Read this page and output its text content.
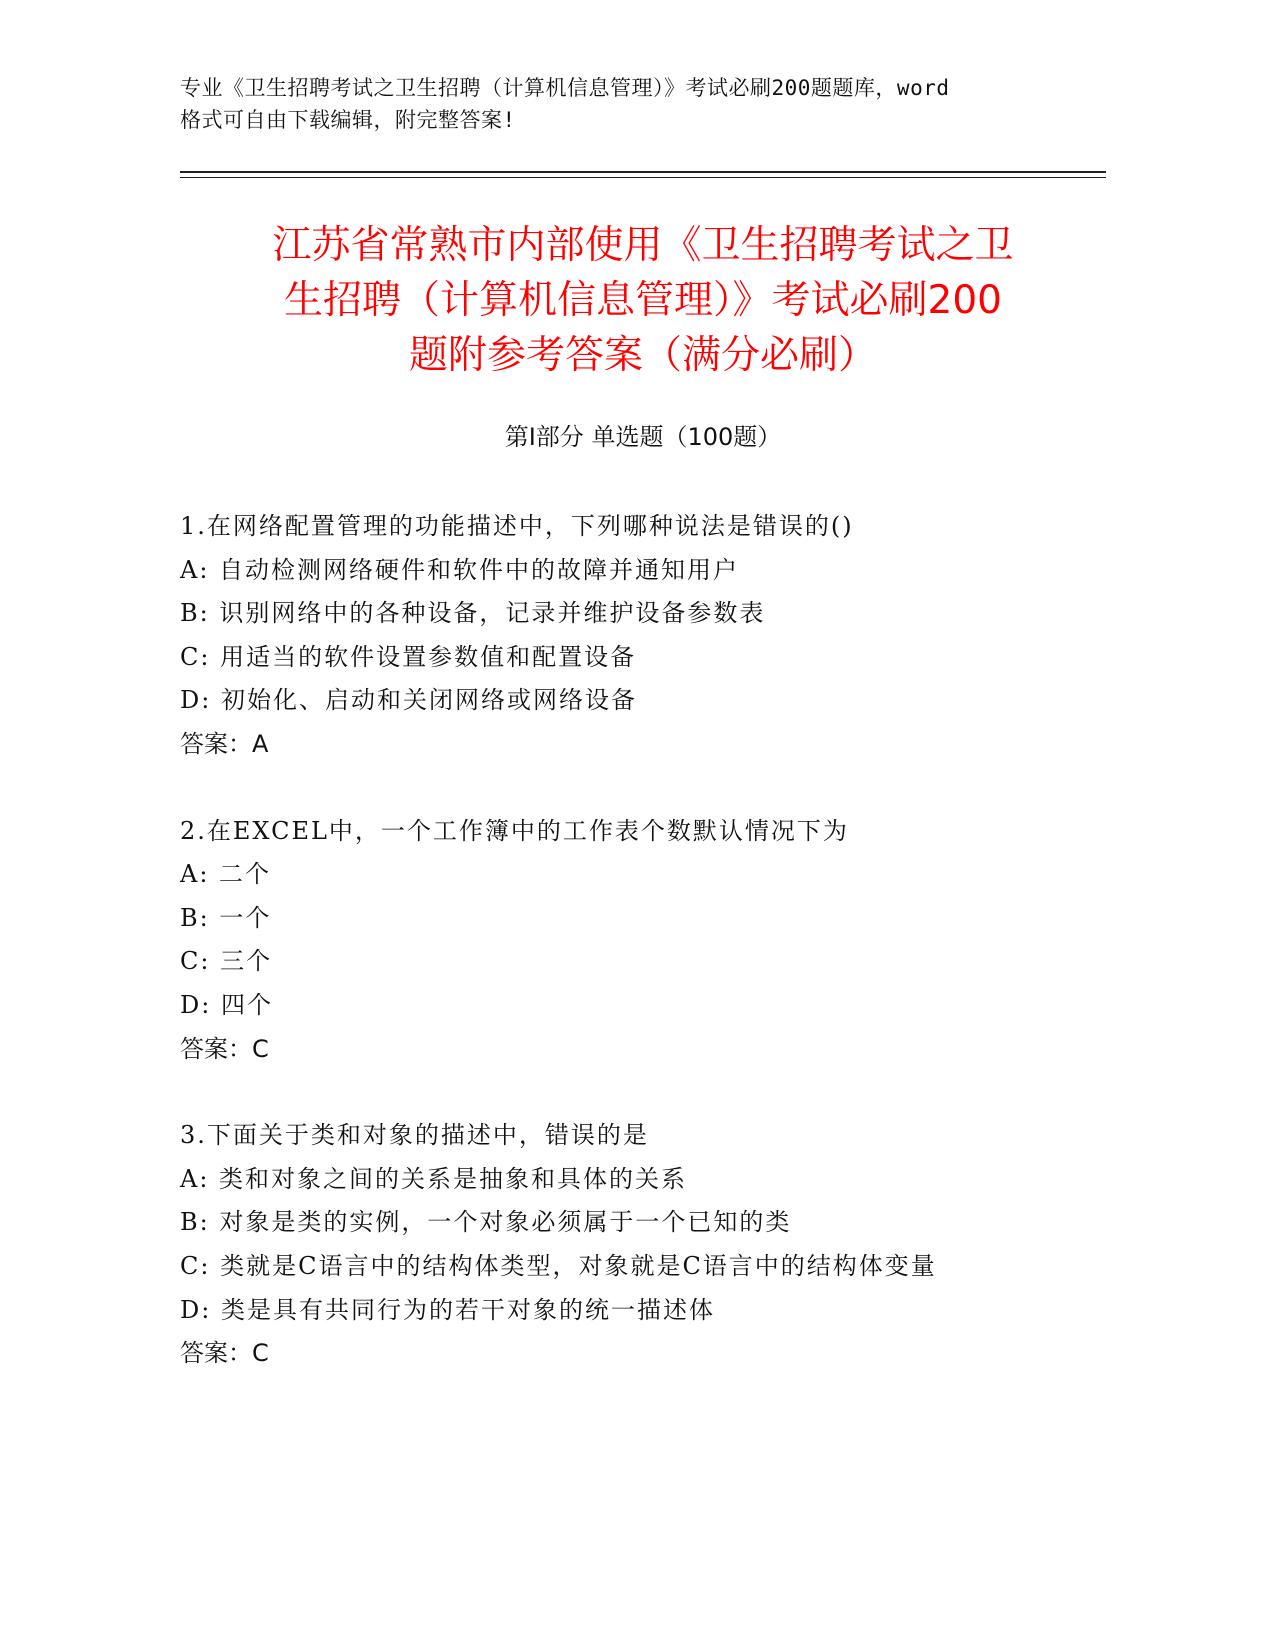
专业《卫生招聘考试之卫生招聘（计算机信息管理）》考试必刷200题题库，word
格式可自由下载编辑，附完整答案!
江苏省常熟市内部使用《卫生招聘考试之卫
生招聘（计算机信息管理）》考试必刷200
题附参考答案（满分必刷）
第I部分 单选题（100题）
1.在网络配置管理的功能描述中，下列哪种说法是错误的()
A: 自动检测网络硬件和软件中的故障并通知用户
B: 识别网络中的各种设备，记录并维护设备参数表
C: 用适当的软件设置参数值和配置设备
D: 初始化、启动和关闭网络或网络设备
答案：A
2.在EXCEL中，一个工作簿中的工作表个数默认情况下为
A: 二个
B: 一个
C: 三个
D: 四个
答案：C
3.下面关于类和对象的描述中，错误的是
A: 类和对象之间的关系是抽象和具体的关系
B: 对象是类的实例，一个对象必须属于一个已知的类
C: 类就是C语言中的结构体类型，对象就是C语言中的结构体变量
D: 类是具有共同行为的若干对象的统一描述体
答案：C
